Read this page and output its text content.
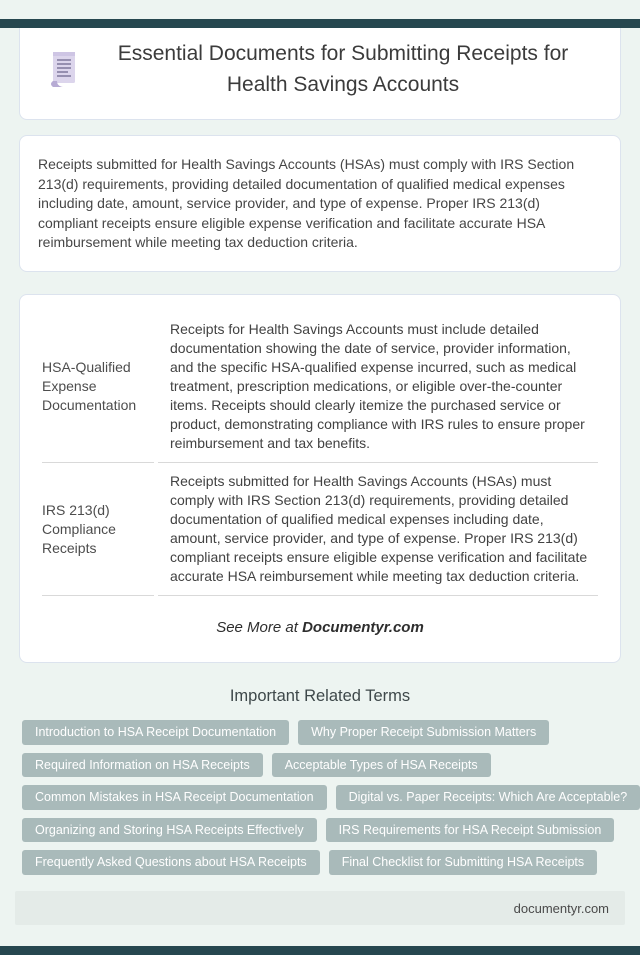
Essential Documents for Submitting Receipts for Health Savings Accounts

Receipts submitted for Health Savings Accounts (HSAs) must comply with IRS Section 213(d) requirements, providing detailed documentation of qualified medical expenses including date, amount, service provider, and type of expense. Proper IRS 213(d) compliant receipts ensure eligible expense verification and facilitate accurate HSA reimbursement while meeting tax deduction criteria.

HSA-Qualified Expense Documentation	Receipts for Health Savings Accounts must include detailed documentation showing the date of service, provider information, and the specific HSA-qualified expense incurred, such as medical treatment, prescription medications, or eligible over-the-counter items. Receipts should clearly itemize the purchased service or product, demonstrating compliance with IRS rules to ensure proper reimbursement and tax benefits.
IRS 213(d) Compliance Receipts	Receipts submitted for Health Savings Accounts (HSAs) must comply with IRS Section 213(d) requirements, providing detailed documentation of qualified medical expenses including date, amount, service provider, and type of expense. Proper IRS 213(d) compliant receipts ensure eligible expense verification and facilitate accurate HSA reimbursement while meeting tax deduction criteria.
See More at Documentyr.com
Important Related Terms
Introduction to HSA Receipt Documentation	Why Proper Receipt Submission Matters
Required Information on HSA Receipts	Acceptable Types of HSA Receipts
Common Mistakes in HSA Receipt Documentation	Digital vs. Paper Receipts: Which Are Acceptable?
Organizing and Storing HSA Receipts Effectively	IRS Requirements for HSA Receipt Submission
Frequently Asked Questions about HSA Receipts	Final Checklist for Submitting HSA Receipts
documentyr.com
